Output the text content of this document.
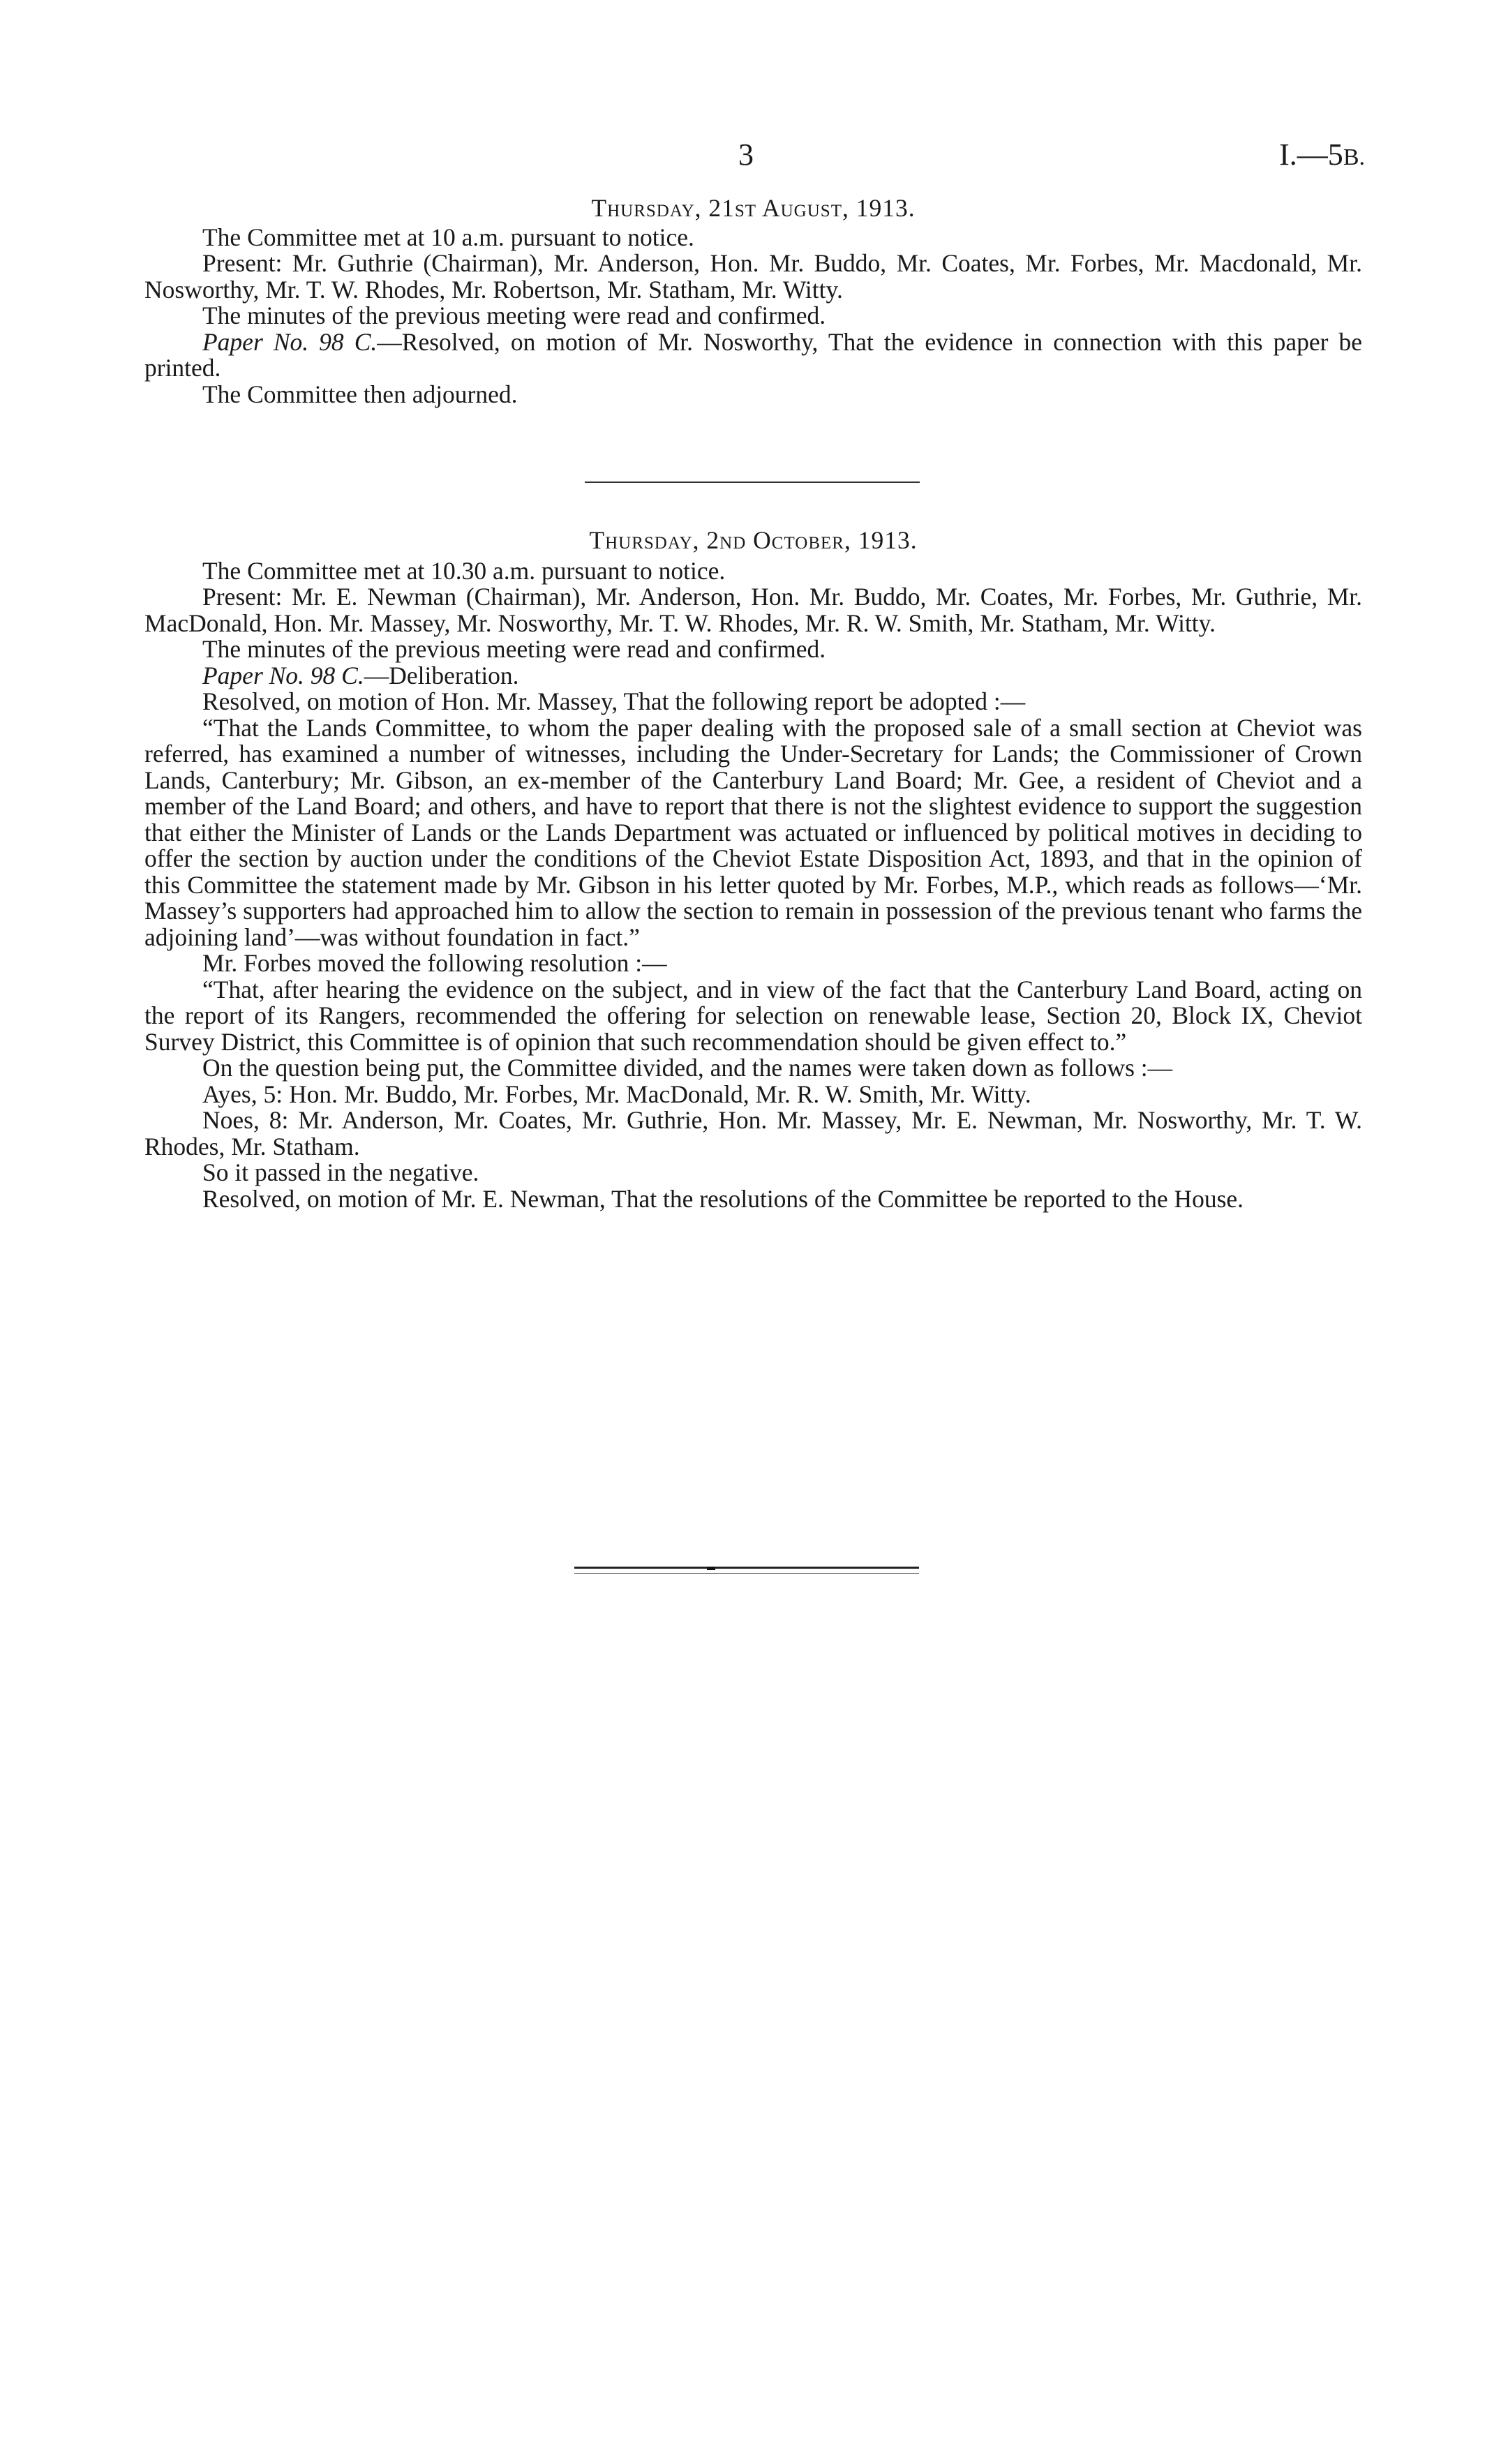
3	I.—5B.
Thursday, 21st August, 1913.

The Committee met at 10 a.m. pursuant to notice.

Present: Mr. Guthrie (Chairman), Mr. Anderson, Hon. Mr. Buddo, Mr. Coates, Mr. Forbes, Mr. Macdonald, Mr. Nosworthy, Mr. T. W. Rhodes, Mr. Robertson, Mr. Statham, Mr. Witty.

The minutes of the previous meeting were read and confirmed.

Paper No. 98 C.—Resolved, on motion of Mr. Nosworthy, That the evidence in connection with this paper be printed.

The Committee then adjourned.

Thursday, 2nd October, 1913.

The Committee met at 10.30 a.m. pursuant to notice.

Present: Mr. E. Newman (Chairman), Mr. Anderson, Hon. Mr. Buddo, Mr. Coates, Mr. Forbes, Mr. Guthrie, Mr. MacDonald, Hon. Mr. Massey, Mr. Nosworthy, Mr. T. W. Rhodes, Mr. R. W. Smith, Mr. Statham, Mr. Witty.

The minutes of the previous meeting were read and confirmed.

Paper No. 98 C.—Deliberation.

Resolved, on motion of Hon. Mr. Massey, That the following report be adopted :—

“That the Lands Committee, to whom the paper dealing with the proposed sale of a small section at Cheviot was referred, has examined a number of witnesses, including the Under-Secretary for Lands; the Commissioner of Crown Lands, Canterbury; Mr. Gibson, an ex-member of the Canterbury Land Board; Mr. Gee, a resident of Cheviot and a member of the Land Board; and others, and have to report that there is not the slightest evidence to support the suggestion that either the Minister of Lands or the Lands Department was actuated or influenced by political motives in deciding to offer the section by auction under the conditions of the Cheviot Estate Disposition Act, 1893, and that in the opinion of this Committee the statement made by Mr. Gibson in his letter quoted by Mr. Forbes, M.P., which reads as follows—‘Mr. Massey’s supporters had approached him to allow the section to remain in possession of the previous tenant who farms the adjoining land’—was without foundation in fact.”

Mr. Forbes moved the following resolution :—

“That, after hearing the evidence on the subject, and in view of the fact that the Canterbury Land Board, acting on the report of its Rangers, recommended the offering for selection on renewable lease, Section 20, Block IX, Cheviot Survey District, this Committee is of opinion that such recommendation should be given effect to.”

On the question being put, the Committee divided, and the names were taken down as follows :—

Ayes, 5: Hon. Mr. Buddo, Mr. Forbes, Mr. MacDonald, Mr. R. W. Smith, Mr. Witty.

Noes, 8: Mr. Anderson, Mr. Coates, Mr. Guthrie, Hon. Mr. Massey, Mr. E. Newman, Mr. Nosworthy, Mr. T. W. Rhodes, Mr. Statham.

So it passed in the negative.

Resolved, on motion of Mr. E. Newman, That the resolutions of the Committee be reported to the House.
